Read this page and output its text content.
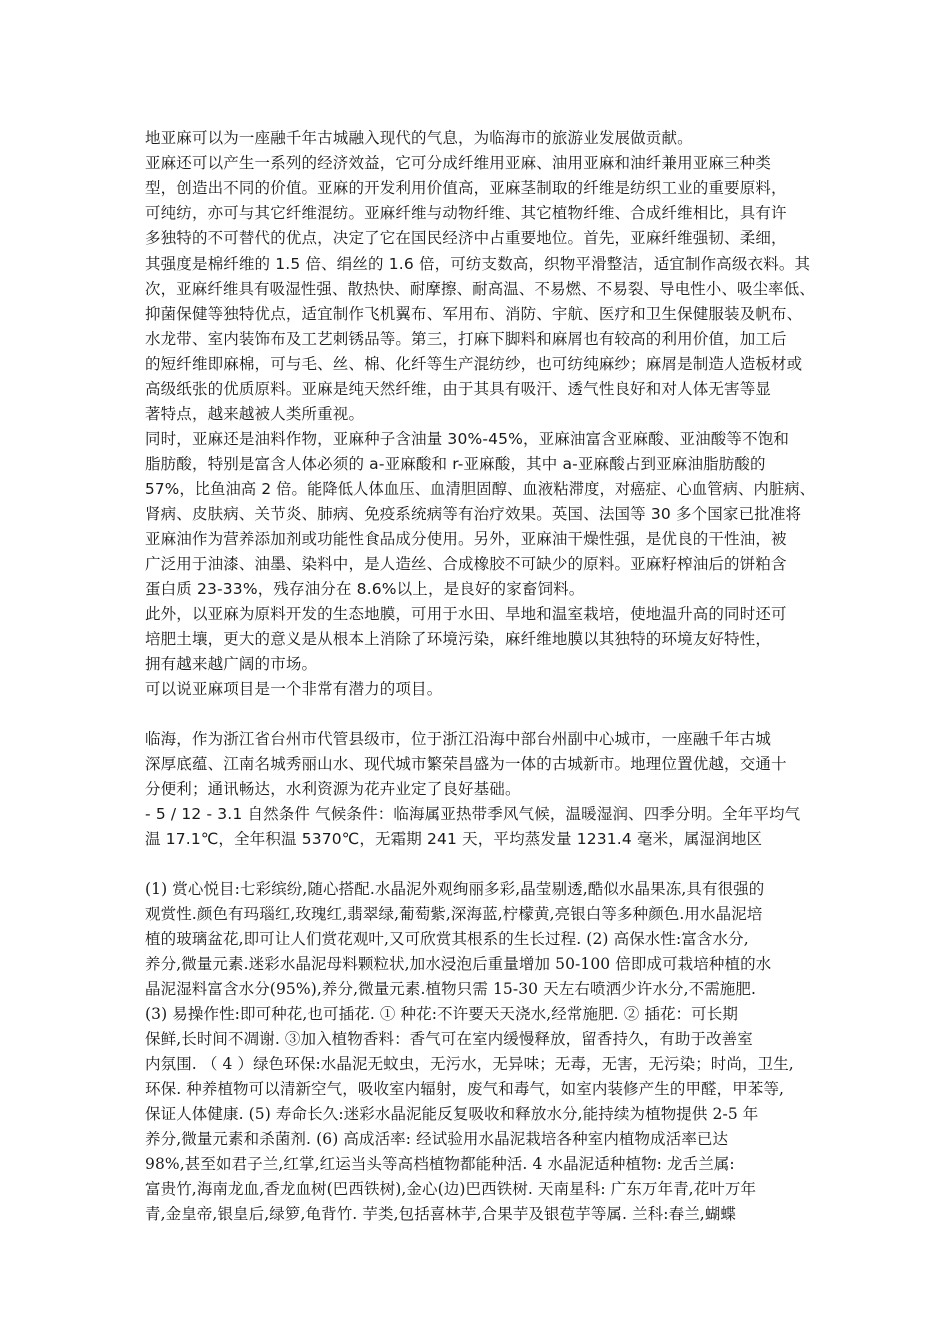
地亚麻可以为一座融千年古城融入现代的气息，为临海市的旅游业发展做贡献。
亚麻还可以产生一系列的经济效益，它可分成纤维用亚麻、油用亚麻和油纤兼用亚麻三种类
型，创造出不同的价值。亚麻的开发利用价值高，亚麻茎制取的纤维是纺织工业的重要原料，
可纯纺，亦可与其它纤维混纺。亚麻纤维与动物纤维、其它植物纤维、合成纤维相比，具有许
多独特的不可替代的优点，决定了它在国民经济中占重要地位。首先，亚麻纤维强韧、柔细，
其强度是棉纤维的 1.5 倍、绢丝的 1.6 倍，可纺支数高，织物平滑整洁，适宜制作高级衣料。其
次，亚麻纤维具有吸湿性强、散热快、耐摩擦、耐高温、不易燃、不易裂、导电性小、吸尘率低、
抑菌保健等独特优点，适宜制作飞机翼布、军用布、消防、宇航、医疗和卫生保健服装及帆布、
水龙带、室内装饰布及工艺刺锈品等。第三，打麻下脚料和麻屑也有较高的利用价值，加工后
的短纤维即麻棉，可与毛、丝、棉、化纤等生产混纺纱，也可纺纯麻纱；麻屑是制造人造板材或
高级纸张的优质原料。亚麻是纯天然纤维，由于其具有吸汗、透气性良好和对人体无害等显
著特点，越来越被人类所重视。
同时，亚麻还是油料作物，亚麻种子含油量 30%-45%，亚麻油富含亚麻酸、亚油酸等不饱和
脂肪酸，特别是富含人体必须的 a-亚麻酸和 r-亚麻酸，其中 a-亚麻酸占到亚麻油脂肪酸的
57%，比鱼油高 2 倍。能降低人体血压、血清胆固醇、血液粘滞度，对癌症、心血管病、内脏病、
肾病、皮肤病、关节炎、肺病、免疫系统病等有治疗效果。英国、法国等 30 多个国家已批准将
亚麻油作为营养添加剂或功能性食品成分使用。另外，亚麻油干燥性强，是优良的干性油，被
广泛用于油漆、油墨、染料中，是人造丝、合成橡胶不可缺少的原料。亚麻籽榨油后的饼粕含
蛋白质 23-33%，残存油分在 8.6%以上，是良好的家畜饲料。
此外，以亚麻为原料开发的生态地膜，可用于水田、旱地和温室栽培，使地温升高的同时还可
培肥土壤，更大的意义是从根本上消除了环境污染，麻纤维地膜以其独特的环境友好特性，
拥有越来越广阔的市场。
可以说亚麻项目是一个非常有潜力的项目。
临海，作为浙江省台州市代管县级市，位于浙江沿海中部台州副中心城市，一座融千年古城
深厚底蕴、江南名城秀丽山水、现代城市繁荣昌盛为一体的古城新市。地理位置优越，交通十
分便利；通讯畅达，水利资源为花卉业定了良好基础。
- 5 / 12 - 3.1 自然条件 气候条件：临海属亚热带季风气候，温暖湿润、四季分明。全年平均气
温 17.1℃，全年积温 5370℃，无霜期 241 天，平均蒸发量 1231.4 毫米，属湿润地区
(1) 赏心悦目:七彩缤纷,随心搭配.水晶泥外观绚丽多彩,晶莹剔透,酷似水晶果冻,具有很强的
观赏性.颜色有玛瑙红,玫瑰红,翡翠绿,葡萄紫,深海蓝,柠檬黄,亮银白等多种颜色.用水晶泥培
植的玻璃盆花,即可让人们赏花观叶,又可欣赏其根系的生长过程. (2) 高保水性:富含水分,
养分,微量元素.迷彩水晶泥母料颗粒状,加水浸泡后重量增加 50-100 倍即成可栽培种植的水
晶泥湿料富含水分(95%),养分,微量元素.植物只需 15-30 天左右喷洒少许水分,不需施肥.
(3) 易操作性:即可种花,也可插花. ① 种花:不许要天天浇水,经常施肥. ② 插花：可长期
保鲜,长时间不凋谢. ③加入植物香料：香气可在室内缓慢释放，留香持久，有助于改善室
内氛围. （ 4 ）绿色环保:水晶泥无蚊虫，无污水，无异味；无毒，无害，无污染；时尚，卫生,
环保. 种养植物可以清新空气，吸收室内辐射，废气和毒气，如室内装修产生的甲醛，甲苯等,
保证人体健康. (5) 寿命长久:迷彩水晶泥能反复吸收和释放水分,能持续为植物提供 2-5 年
养分,微量元素和杀菌剂. (6) 高成活率: 经试验用水晶泥栽培各种室内植物成活率已达
98%,甚至如君子兰,红掌,红运当头等高档植物都能种活. 4 水晶泥适种植物: 龙舌兰属:
富贵竹,海南龙血,香龙血树(巴西铁树),金心(边)巴西铁树. 天南星科: 广东万年青,花叶万年
青,金皇帝,银皇后,绿箩,龟背竹. 芋类,包括喜林芋,合果芋及银苞芋等属. 兰科:春兰,蝴蝶
